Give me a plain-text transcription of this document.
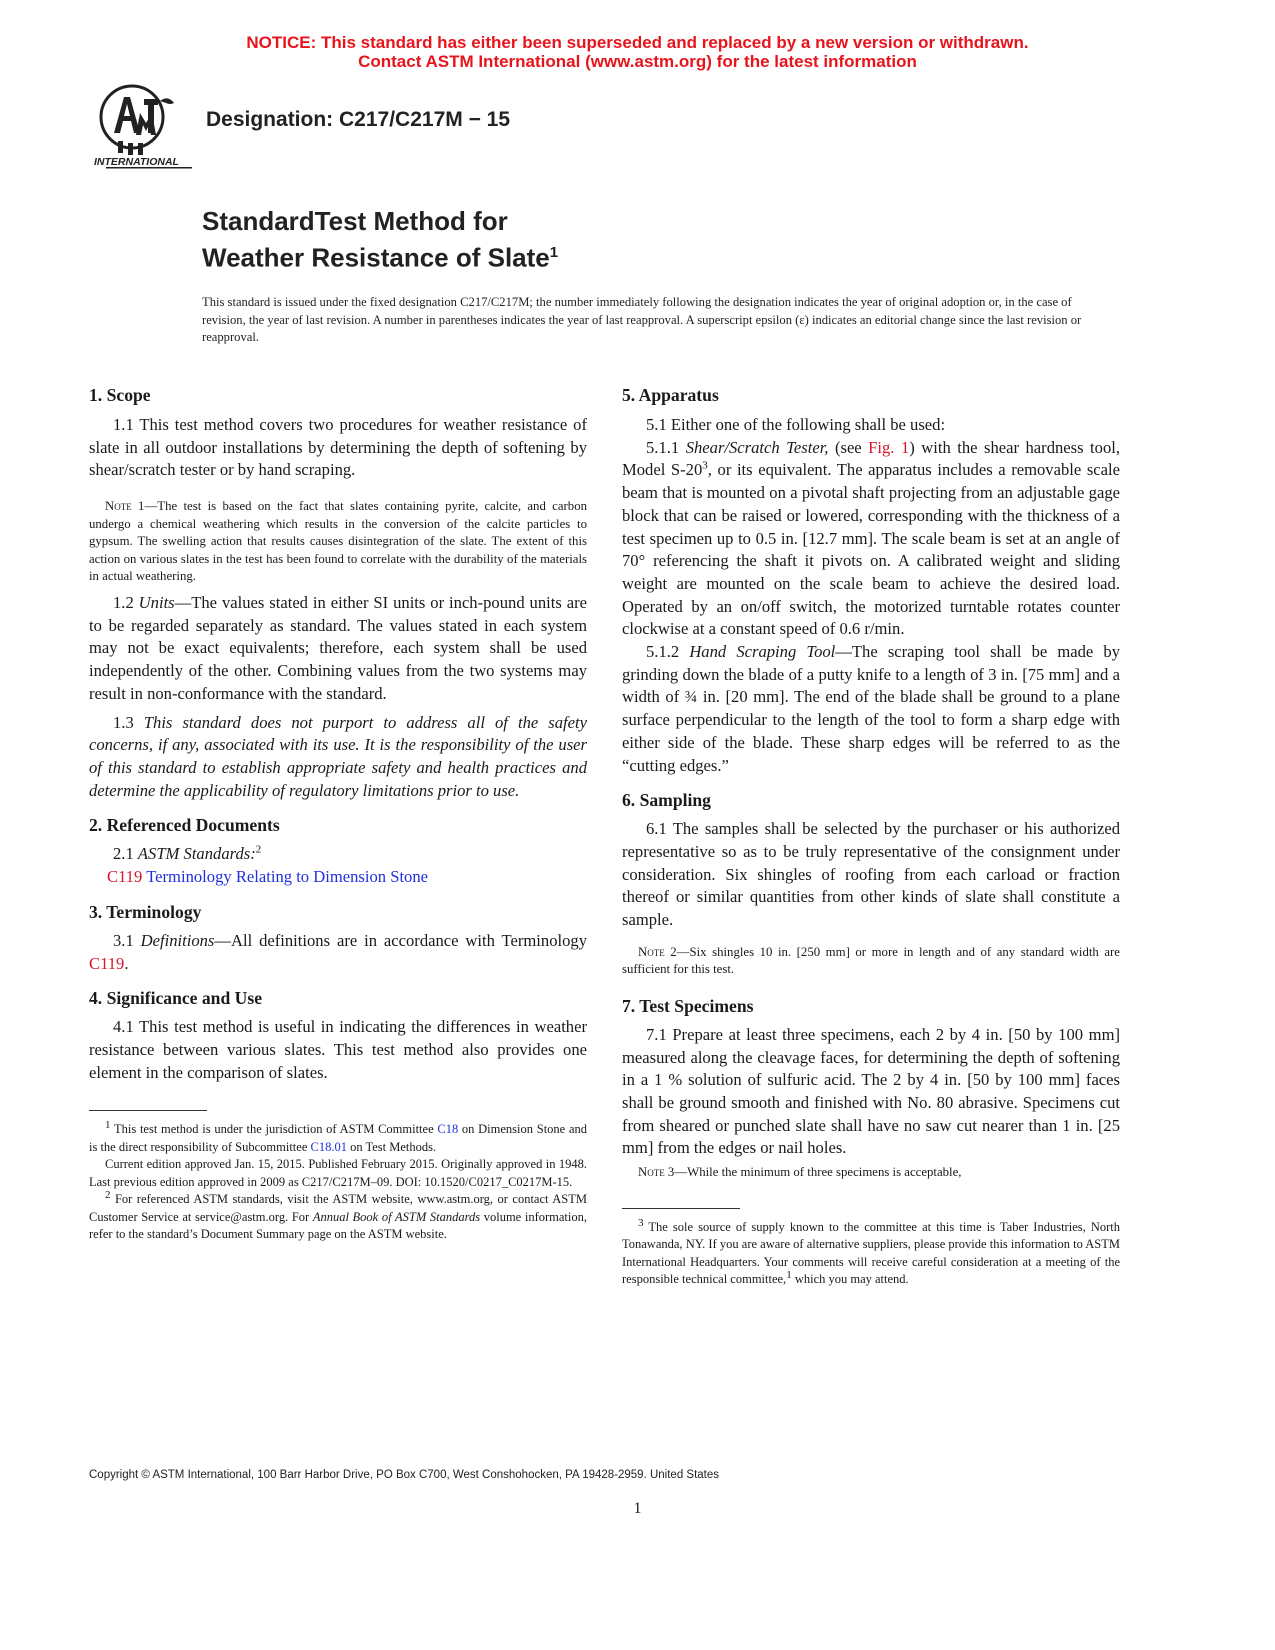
NOTICE: This standard has either been superseded and replaced by a new version or withdrawn.
Contact ASTM International (www.astm.org) for the latest information
INTERNATIONAL
Designation: C217/C217M − 15
StandardTest Method for
Weather Resistance of Slate$^1$
This standard is issued under the fixed designation C217/C217M; the number immediately following the designation indicates the year of original adoption or, in the case of revision, the year of last revision. A number in parentheses indicates the year of last reapproval. A superscript epsilon (ε) indicates an editorial change since the last revision or reapproval.

1. Scope

1.1 This test method covers two procedures for weather resistance of slate in all outdoor installations by determining the depth of softening by shear/scratch tester or by hand scraping.

Note 1—The test is based on the fact that slates containing pyrite, calcite, and carbon undergo a chemical weathering which results in the conversion of the calcite particles to gypsum. The swelling action that results causes disintegration of the slate. The extent of this action on various slates in the test has been found to correlate with the durability of the materials in actual weathering.

1.2 Units—The values stated in either SI units or inch-pound units are to be regarded separately as standard. The values stated in each system may not be exact equivalents; therefore, each system shall be used independently of the other. Combining values from the two systems may result in non-conformance with the standard.

1.3 This standard does not purport to address all of the safety concerns, if any, associated with its use. It is the responsibility of the user of this standard to establish appropriate safety and health practices and determine the applicability of regulatory limitations prior to use.

2. Referenced Documents

2.1 ASTM Standards:$^2$

C119 Terminology Relating to Dimension Stone

3. Terminology

3.1 Definitions—All definitions are in accordance with Terminology C119.

4. Significance and Use

4.1 This test method is useful in indicating the differences in weather resistance between various slates. This test method also provides one element in the comparison of slates.

1 This test method is under the jurisdiction of ASTM Committee C18 on Dimension Stone and is the direct responsibility of Subcommittee C18.01 on Test Methods.

Current edition approved Jan. 15, 2015. Published February 2015. Originally approved in 1948. Last previous edition approved in 2009 as C217/C217M–09. DOI: 10.1520/C0217_C0217M-15.

2 For referenced ASTM standards, visit the ASTM website, www.astm.org, or contact ASTM Customer Service at service@astm.org. For Annual Book of ASTM Standards volume information, refer to the standard’s Document Summary page on the ASTM website.

5. Apparatus

5.1 Either one of the following shall be used:

5.1.1 Shear/Scratch Tester, (see Fig. 1) with the shear hardness tool, Model $S-20^3$, or its equivalent. The apparatus includes a removable scale beam that is mounted on a pivotal shaft projecting from an adjustable gage block that can be raised or lowered, corresponding with the thickness of a test specimen up to 0.5 in. [12.7 mm]. The scale beam is set at an angle of 70° referencing the shaft it pivots on. A calibrated weight and sliding weight are mounted on the scale beam to achieve the desired load. Operated by an on/off switch, the motorized turntable rotates counter clockwise at a constant speed of 0.6 r/min.

5.1.2 Hand Scraping Tool—The scraping tool shall be made by grinding down the blade of a putty knife to a length of 3 in. [75 mm] and a width of ¾ in. [20 mm]. The end of the blade shall be ground to a plane surface perpendicular to the length of the tool to form a sharp edge with either side of the blade. These sharp edges will be referred to as the “cutting edges.”

6. Sampling

6.1 The samples shall be selected by the purchaser or his authorized representative so as to be truly representative of the consignment under consideration. Six shingles of roofing from each carload or fraction thereof or similar quantities from other kinds of slate shall constitute a sample.

Note 2—Six shingles 10 in. [250 mm] or more in length and of any standard width are sufficient for this test.

7. Test Specimens

7.1 Prepare at least three specimens, each 2 by 4 in. [50 by 100 mm] measured along the cleavage faces, for determining the depth of softening in a 1 % solution of sulfuric acid. The 2 by 4 in. [50 by 100 mm] faces shall be ground smooth and finished with No. 80 abrasive. Specimens cut from sheared or punched slate shall have no saw cut nearer than 1 in. [25 mm] from the edges or nail holes.

Note 3—While the minimum of three specimens is acceptable,

3 The sole source of supply known to the committee at this time is Taber Industries, North Tonawanda, NY. If you are aware of alternative suppliers, please provide this information to ASTM International Headquarters. Your comments will receive careful consideration at a meeting of the responsible technical committee,1 which you may attend.

Copyright © ASTM International, 100 Barr Harbor Drive, PO Box C700, West Conshohocken, PA 19428-2959. United States
1
